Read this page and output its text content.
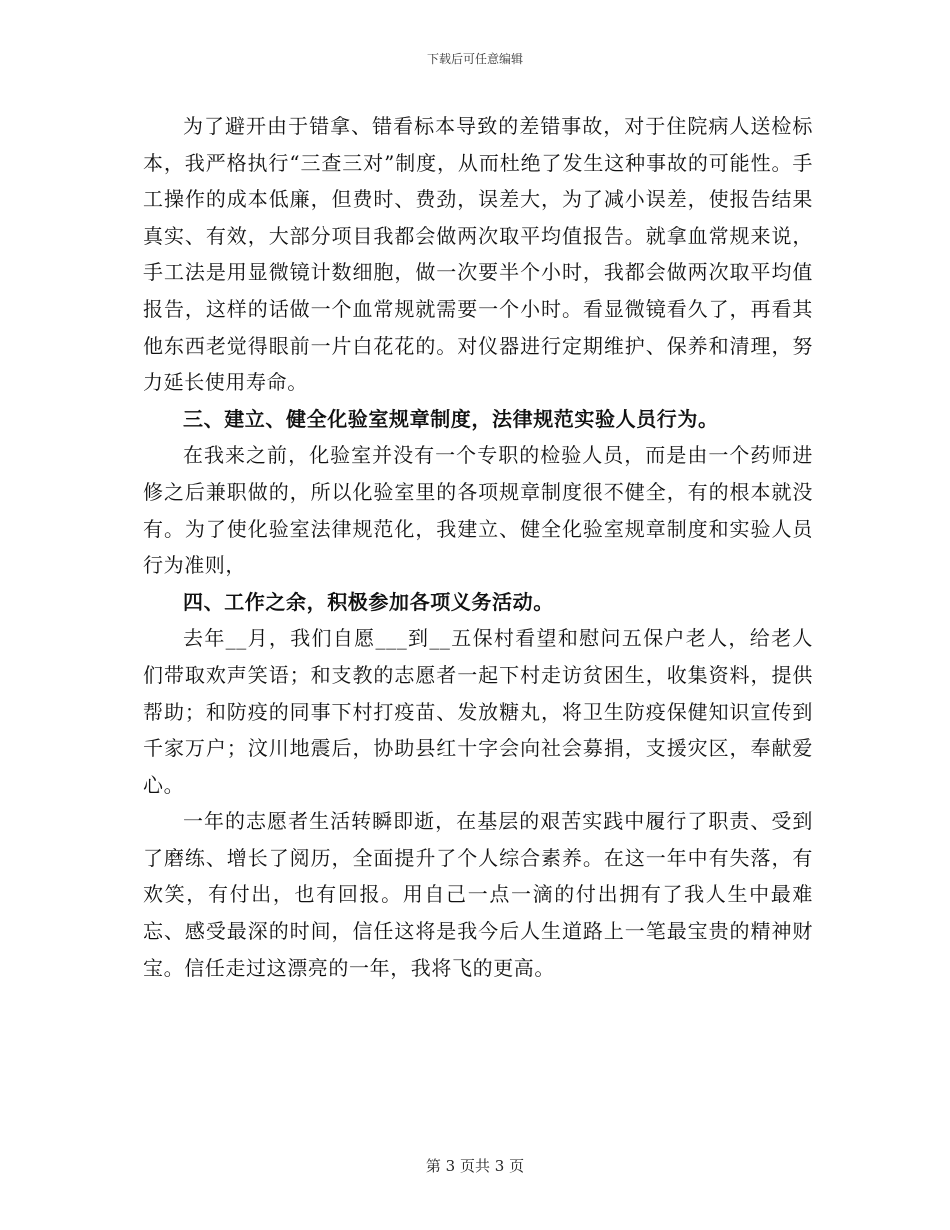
下载后可任意编辑

为了避开由于错拿、错看标本导致的差错事故，对于住院病人送检标本，我严格执行“三查三对”制度，从而杜绝了发生这种事故的可能性。手工操作的成本低廉，但费时、费劲，误差大，为了减小误差，使报告结果真实、有效，大部分项目我都会做两次取平均值报告。就拿血常规来说，手工法是用显微镜计数细胞，做一次要半个小时，我都会做两次取平均值报告，这样的话做一个血常规就需要一个小时。看显微镜看久了，再看其他东西老觉得眼前一片白花花的。对仪器进行定期维护、保养和清理，努力延长使用寿命。

三、建立、健全化验室规章制度，法律规范实验人员行为。

在我来之前，化验室并没有一个专职的检验人员，而是由一个药师进修之后兼职做的，所以化验室里的各项规章制度很不健全，有的根本就没有。为了使化验室法律规范化，我建立、健全化验室规章制度和实验人员行为准则，

四、工作之余，积极参加各项义务活动。

去年__月，我们自愿___到__五保村看望和慰问五保户老人，给老人们带取欢声笑语；和支教的志愿者一起下村走访贫困生，收集资料，提供帮助；和防疫的同事下村打疫苗、发放糖丸，将卫生防疫保健知识宣传到千家万户；汶川地震后，协助县红十字会向社会募捐，支援灾区，奉献爱心。

一年的志愿者生活转瞬即逝，在基层的艰苦实践中履行了职责、受到了磨练、增长了阅历，全面提升了个人综合素养。在这一年中有失落，有欢笑，有付出，也有回报。用自己一点一滴的付出拥有了我人生中最难忘、感受最深的时间，信任这将是我今后人生道路上一笔最宝贵的精神财宝。信任走过这漂亮的一年，我将飞的更高。

第 3 页共 3 页
